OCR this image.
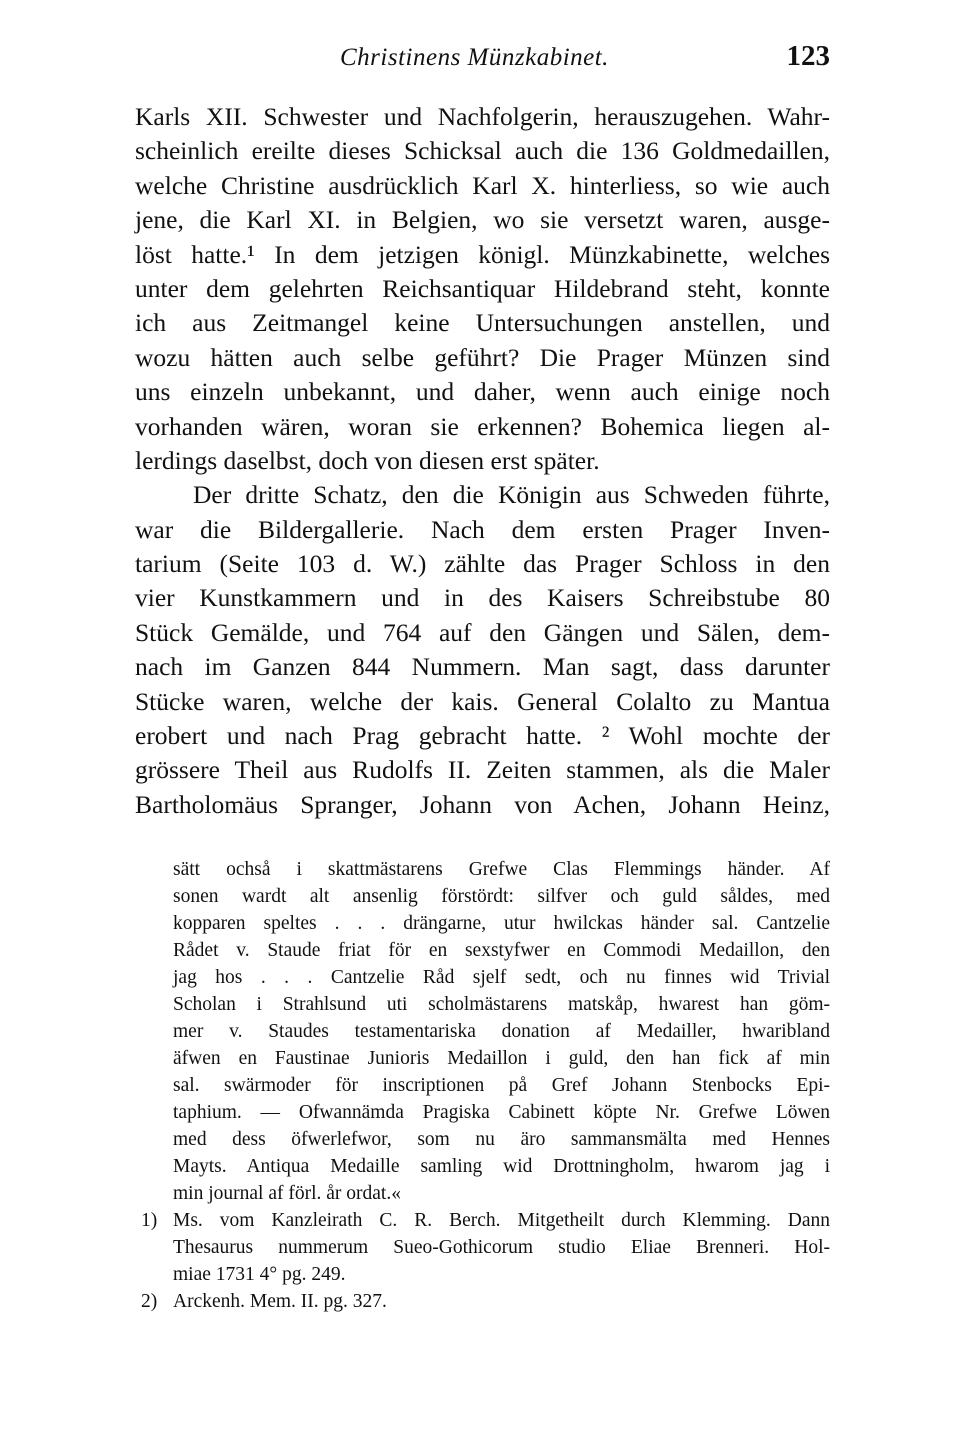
Christinens Münzkabinet.	123
Karls XII. Schwester und Nachfolgerin, herauszugehen. Wahr-
scheinlich ereilte dieses Schicksal auch die 136 Goldmedaillen,
welche Christine ausdrücklich Karl X. hinterliess, so wie auch
jene, die Karl XI. in Belgien, wo sie versetzt waren, ausge-
löst hatte.¹ In dem jetzigen königl. Münzkabinette, welches
unter dem gelehrten Reichsantiquar Hildebrand steht, konnte
ich aus Zeitmangel keine Untersuchungen anstellen, und
wozu hätten auch selbe geführt? Die Prager Münzen sind
uns einzeln unbekannt, und daher, wenn auch einige noch
vorhanden wären, woran sie erkennen? Bohemica liegen al-
lerdings daselbst, doch von diesen erst später.
Der dritte Schatz, den die Königin aus Schweden führte,
war die Bildergallerie. Nach dem ersten Prager Inven-
tarium (Seite 103 d. W.) zählte das Prager Schloss in den
vier Kunstkammern und in des Kaisers Schreibstube 80
Stück Gemälde, und 764 auf den Gängen und Sälen, dem-
nach im Ganzen 844 Nummern. Man sagt, dass darunter
Stücke waren, welche der kais. General Colalto zu Mantua
erobert und nach Prag gebracht hatte. ² Wohl mochte der
grössere Theil aus Rudolfs II. Zeiten stammen, als die Maler
Bartholomäus Spranger, Johann von Achen, Johann Heinz,
sätt ochså i skattmästarens Grefwe Clas Flemmings händer. Af
sonen wardt alt ansenlig förstördt: silfver och guld såldes, med
kopparen speltes . . . drängarne, utur hwilckas händer sal. Cantzelie
Rådet v. Staude friat för en sexstyfwer en Commodi Medaillon, den
jag hos . . . Cantzelie Råd sjelf sedt, och nu finnes wid Trivial
Scholan i Strahlsund uti scholmästarens matskåp, hwarest han göm-
mer v. Staudes testamentariska donation af Medailler, hwaribland
äfwen en Faustinae Junioris Medaillon i guld, den han fick af min
sal. swärmoder för inscriptionen på Gref Johann Stenbocks Epi-
taphium. — Ofwannämda Pragiska Cabinett köpte Nr. Grefwe Löwen
med dess öfwerlefwor, som nu äro sammansmälta med Hennes
Mayts. Antiqua Medaille samling wid Drottningholm, hwarom jag i
min journal af förl. år ordat.«
1) Ms. vom Kanzleirath C. R. Berch. Mitgetheilt durch Klemming. Dann
Thesaurus nummerum Sueo-Gothicorum studio Eliae Brenneri. Hol-
miae 1731 4° pg. 249.
2) Arckenh. Mem. II. pg. 327.
